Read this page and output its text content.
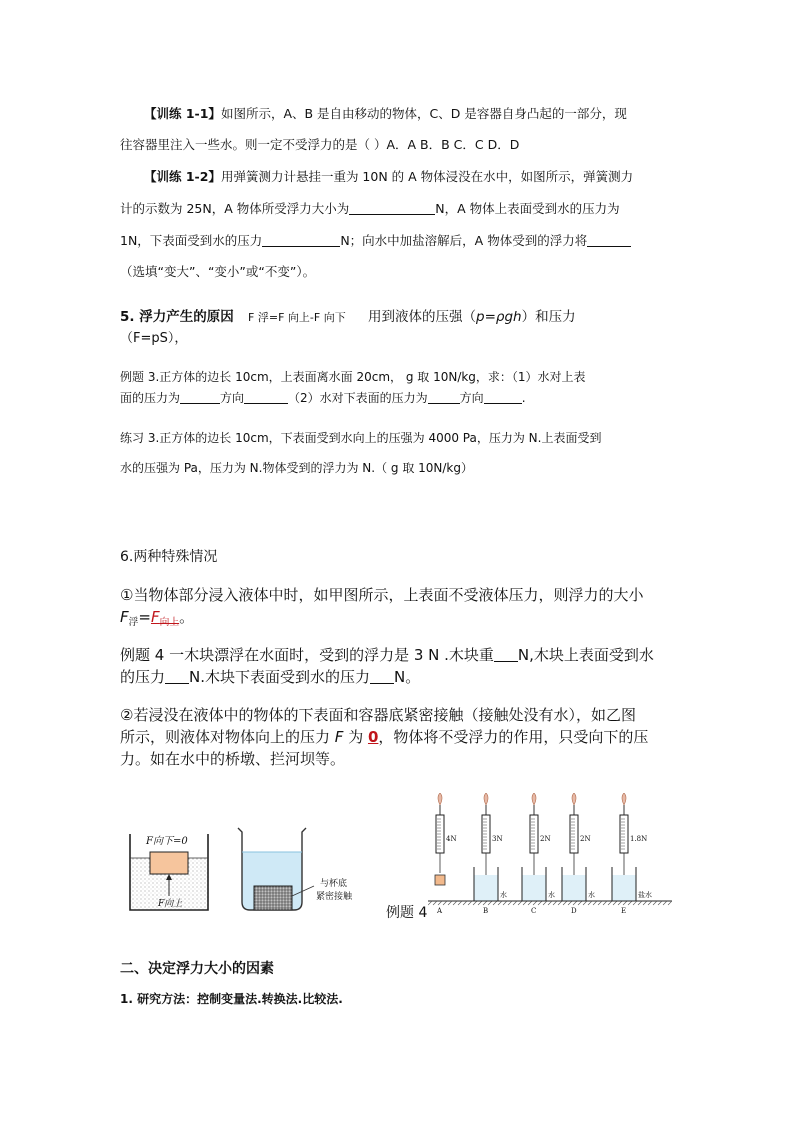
【训练 1-1】如图所示，A、B 是自由移动的物体，C、D 是容器自身凸起的一部分，现
往容器里注入一些水。则一定不受浮力的是（ ）A．A B．B C．C D．D
【训练 1-2】用弹簧测力计悬挂一重为 10N 的 A 物体浸没在水中，如图所示，弹簧测力
计的示数为 25N，A 物体所受浮力大小为	N，A 物体上表面受到水的压力为
1N，下表面受到水的压力	N；向水中加盐溶解后，A 物体受到的浮力将
（选填“变大”、“变小”或“不变”）。
5. 浮力产生的原因 F 浮=F 向上-F 向下 用到液体的压强（p=ρgh）和压力
（F=pS），
例题 3.正方体的边长 10cm，上表面离水面 20cm， g 取 10N/kg，求：（1）水对上表
面的压力为	方向	（2）水对下表面的压力为	方向	.
练习 3.正方体的边长 10cm，下表面受到水向上的压强为 4000 Pa，压力为 N.上表面受到
水的压强为 Pa，压力为 N.物体受到的浮力为 N.（ g 取 10N/kg）
6.两种特殊情况
①当物体部分浸入液体中时，如甲图所示，上表面不受液体压力，则浮力的大小
$F_浮=F_{向上}$。
例题 4 一木块漂浮在水面时，受到的浮力是 3 N .木块重 N,木块上表面受到水
的压力 N.木块下表面受到水的压力 N。
②若浸没在液体中的物体的下表面和容器底紧密接触（接触处没有水），如乙图
所示，则液体对物体向上的压力 F 为 0，物体将不受浮力的作用，只受向下的压
力。如在水中的桥墩、拦河坝等。
F向下=0
F向上
与杯底
紧密接触
例题 4
4N
A
3N
B
水
2N
C
水
2N
D
水
1.8N
E
盐水
二、决定浮力大小的因素
1. 研究方法：控制变量法.转换法.比较法.
